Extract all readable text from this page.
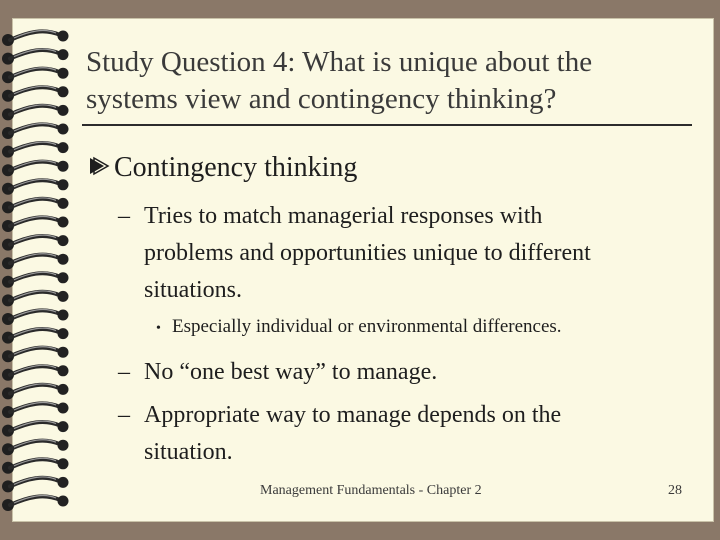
Study Question 4: What is unique about the
systems view and contingency thinking?
Contingency thinking
– Tries to match managerial responses with
problems and opportunities unique to different
situations.
• Especially individual or environmental differences.
– No “one best way” to manage.
– Appropriate way to manage depends on the
situation.
Management Fundamentals - Chapter 2	28
